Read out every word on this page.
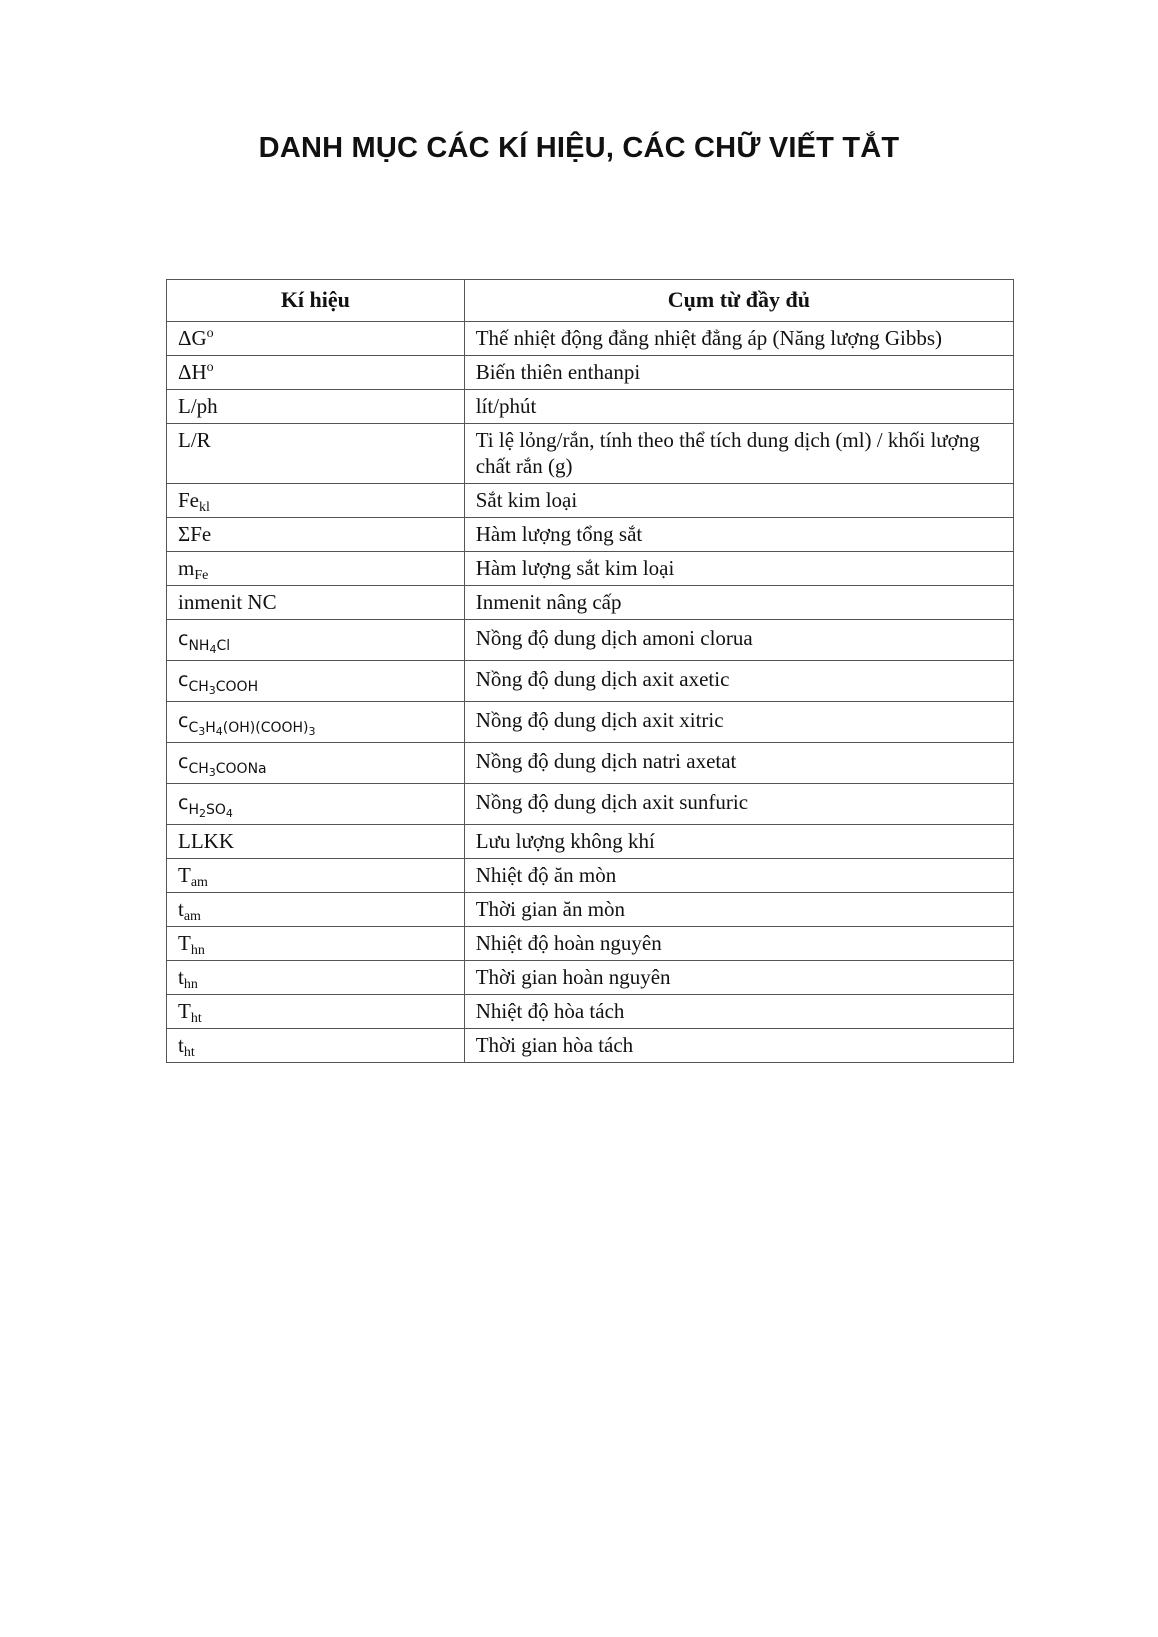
DANH MỤC CÁC KÍ HIỆU, CÁC CHỮ VIẾT TẮT
Kí hiệu	Cụm từ đầy đủ
$\Delta G^o$	Thế nhiệt động đẳng nhiệt đẳng áp (Năng lượng Gibbs)
$\Delta H^o$	Biến thiên enthanpi
L/ph	lít/phút
L/R	Ti lệ lỏng/rắn, tính theo thể tích dung dịch (ml) / khối lượng chất rắn (g)
$Fe_{kl}$	Sắt kim loại
ΣFe	Hàm lượng tổng sắt
$m_{Fe}$	Hàm lượng sắt kim loại
inmenit NC	Inmenit nâng cấp
$c_{NH_4Cl}$	Nồng độ dung dịch amoni clorua
$c_{CH_3COOH}$	Nồng độ dung dịch axit axetic
$c_{C_3H_4(OH)(COOH)_3}$	Nồng độ dung dịch axit xitric
$c_{CH_3COONa}$	Nồng độ dung dịch natri axetat
$c_{H_2SO_4}$	Nồng độ dung dịch axit sunfuric
LLKK	Lưu lượng không khí
$T_{am}$	Nhiệt độ ăn mòn
$t_{am}$	Thời gian ăn mòn
$T_{hn}$	Nhiệt độ hoàn nguyên
$t_{hn}$	Thời gian hoàn nguyên
$T_{ht}$	Nhiệt độ hòa tách
$t_{ht}$	Thời gian hòa tách
